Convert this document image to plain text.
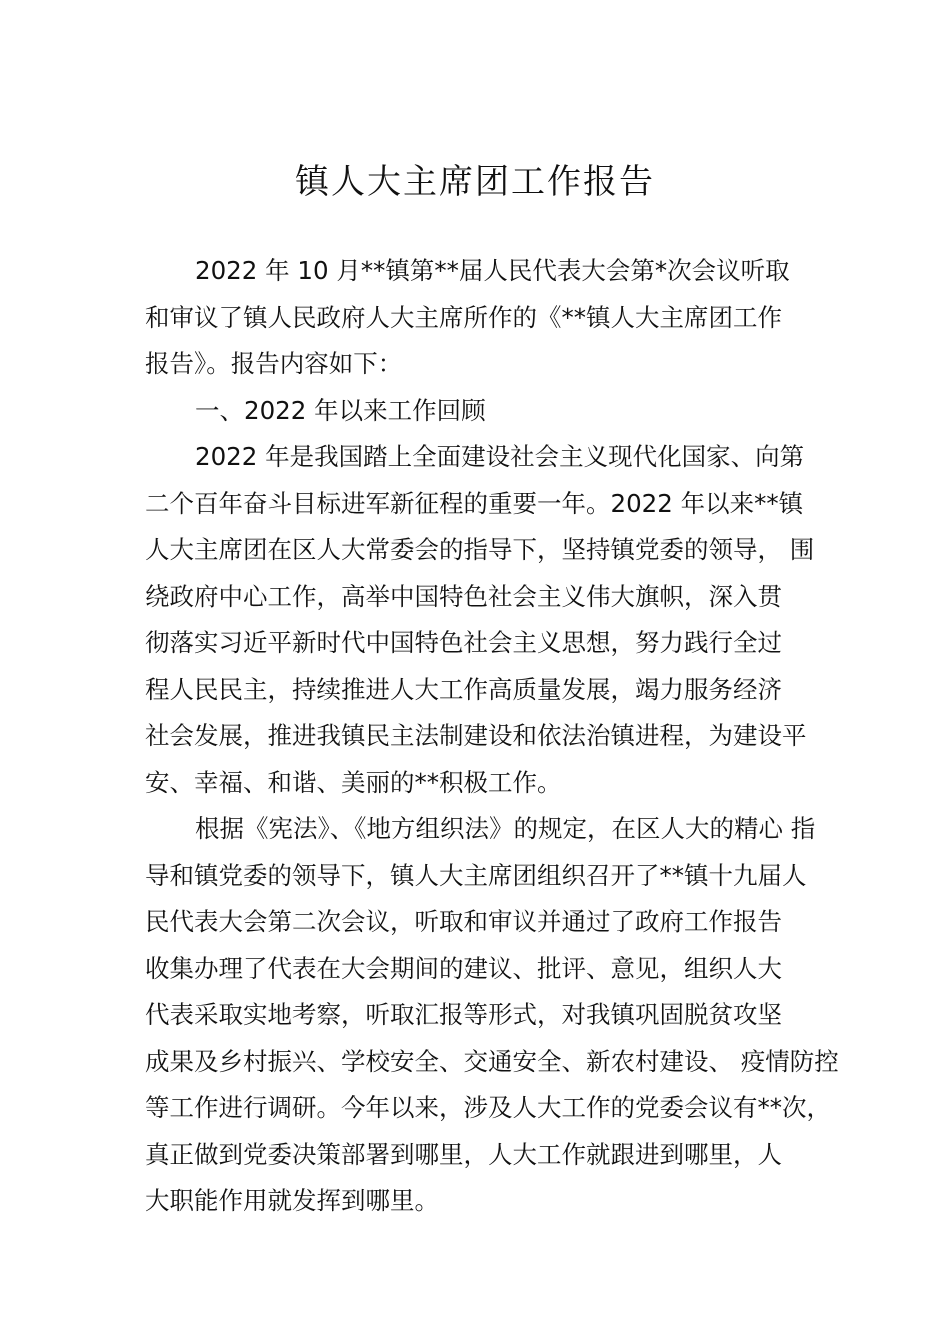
镇人大主席团工作报告

2022 年 10 月**镇第**届人民代表大会第*次会议听取
和审议了镇人民政府人大主席所作的《**镇人大主席团工作
报告》。报告内容如下：

一、2022 年以来工作回顾

2022 年是我国踏上全面建设社会主义现代化国家、向第
二个百年奋斗目标进军新征程的重要一年。2022 年以来**镇
人大主席团在区人大常委会的指导下，坚持镇党委的领导， 围
绕政府中心工作，高举中国特色社会主义伟大旗帜，深入贯
彻落实习近平新时代中国特色社会主义思想，努力践行全过
程人民民主，持续推进人大工作高质量发展，竭力服务经济
社会发展，推进我镇民主法制建设和依法治镇进程，为建设平
安、幸福、和谐、美丽的**积极工作。

根据《宪法》、《地方组织法》的规定，在区人大的精心 指
导和镇党委的领导下，镇人大主席团组织召开了**镇十九届人
民代表大会第二次会议，听取和审议并通过了政府工作报告
收集办理了代表在大会期间的建议、批评、意见，组织人大
代表采取实地考察，听取汇报等形式，对我镇巩固脱贫攻坚
成果及乡村振兴、学校安全、交通安全、新农村建设、 疫情防控
等工作进行调研。今年以来，涉及人大工作的党委会议有**次，
真正做到党委决策部署到哪里，人大工作就跟进到哪里，人
大职能作用就发挥到哪里。
